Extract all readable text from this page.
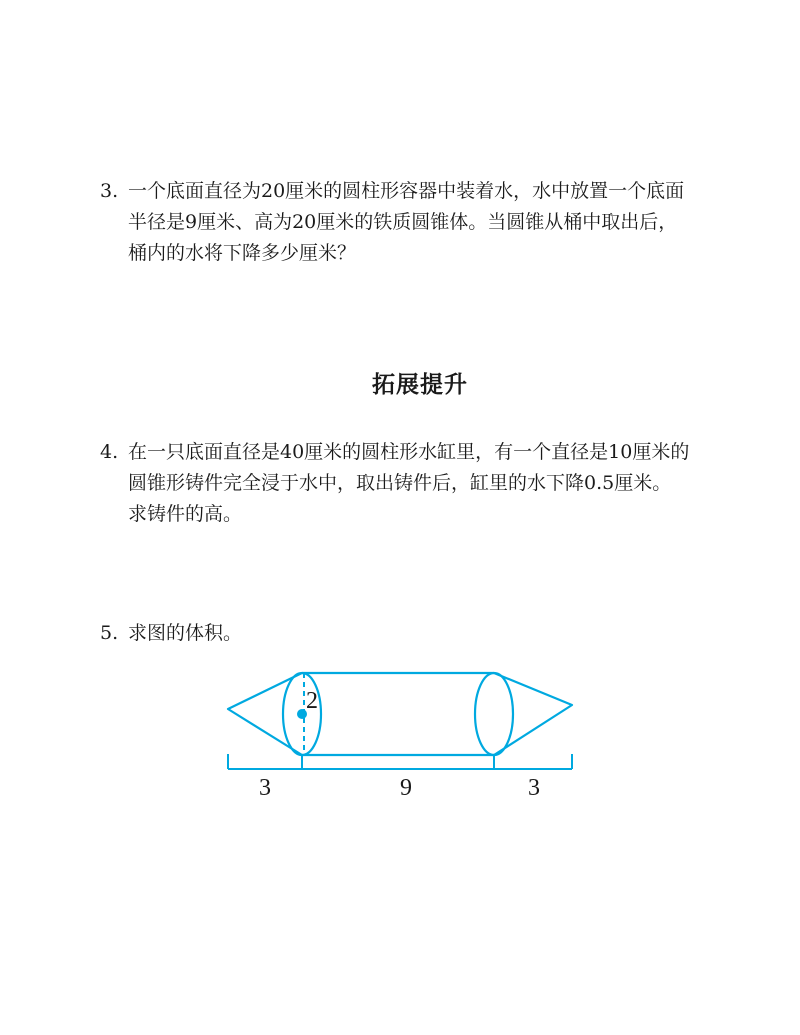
3. 一个底面直径为20厘米的圆柱形容器中装着水，水中放置一个底面
半径是9厘米、高为20厘米的铁质圆锥体。当圆锥从桶中取出后，
桶内的水将下降多少厘米？
拓展提升
4. 在一只底面直径是40厘米的圆柱形水缸里，有一个直径是10厘米的
圆锥形铸件完全浸于水中，取出铸件后，缸里的水下降0.5厘米。
求铸件的高。
5. 求图的体积。
2
3	9	3
